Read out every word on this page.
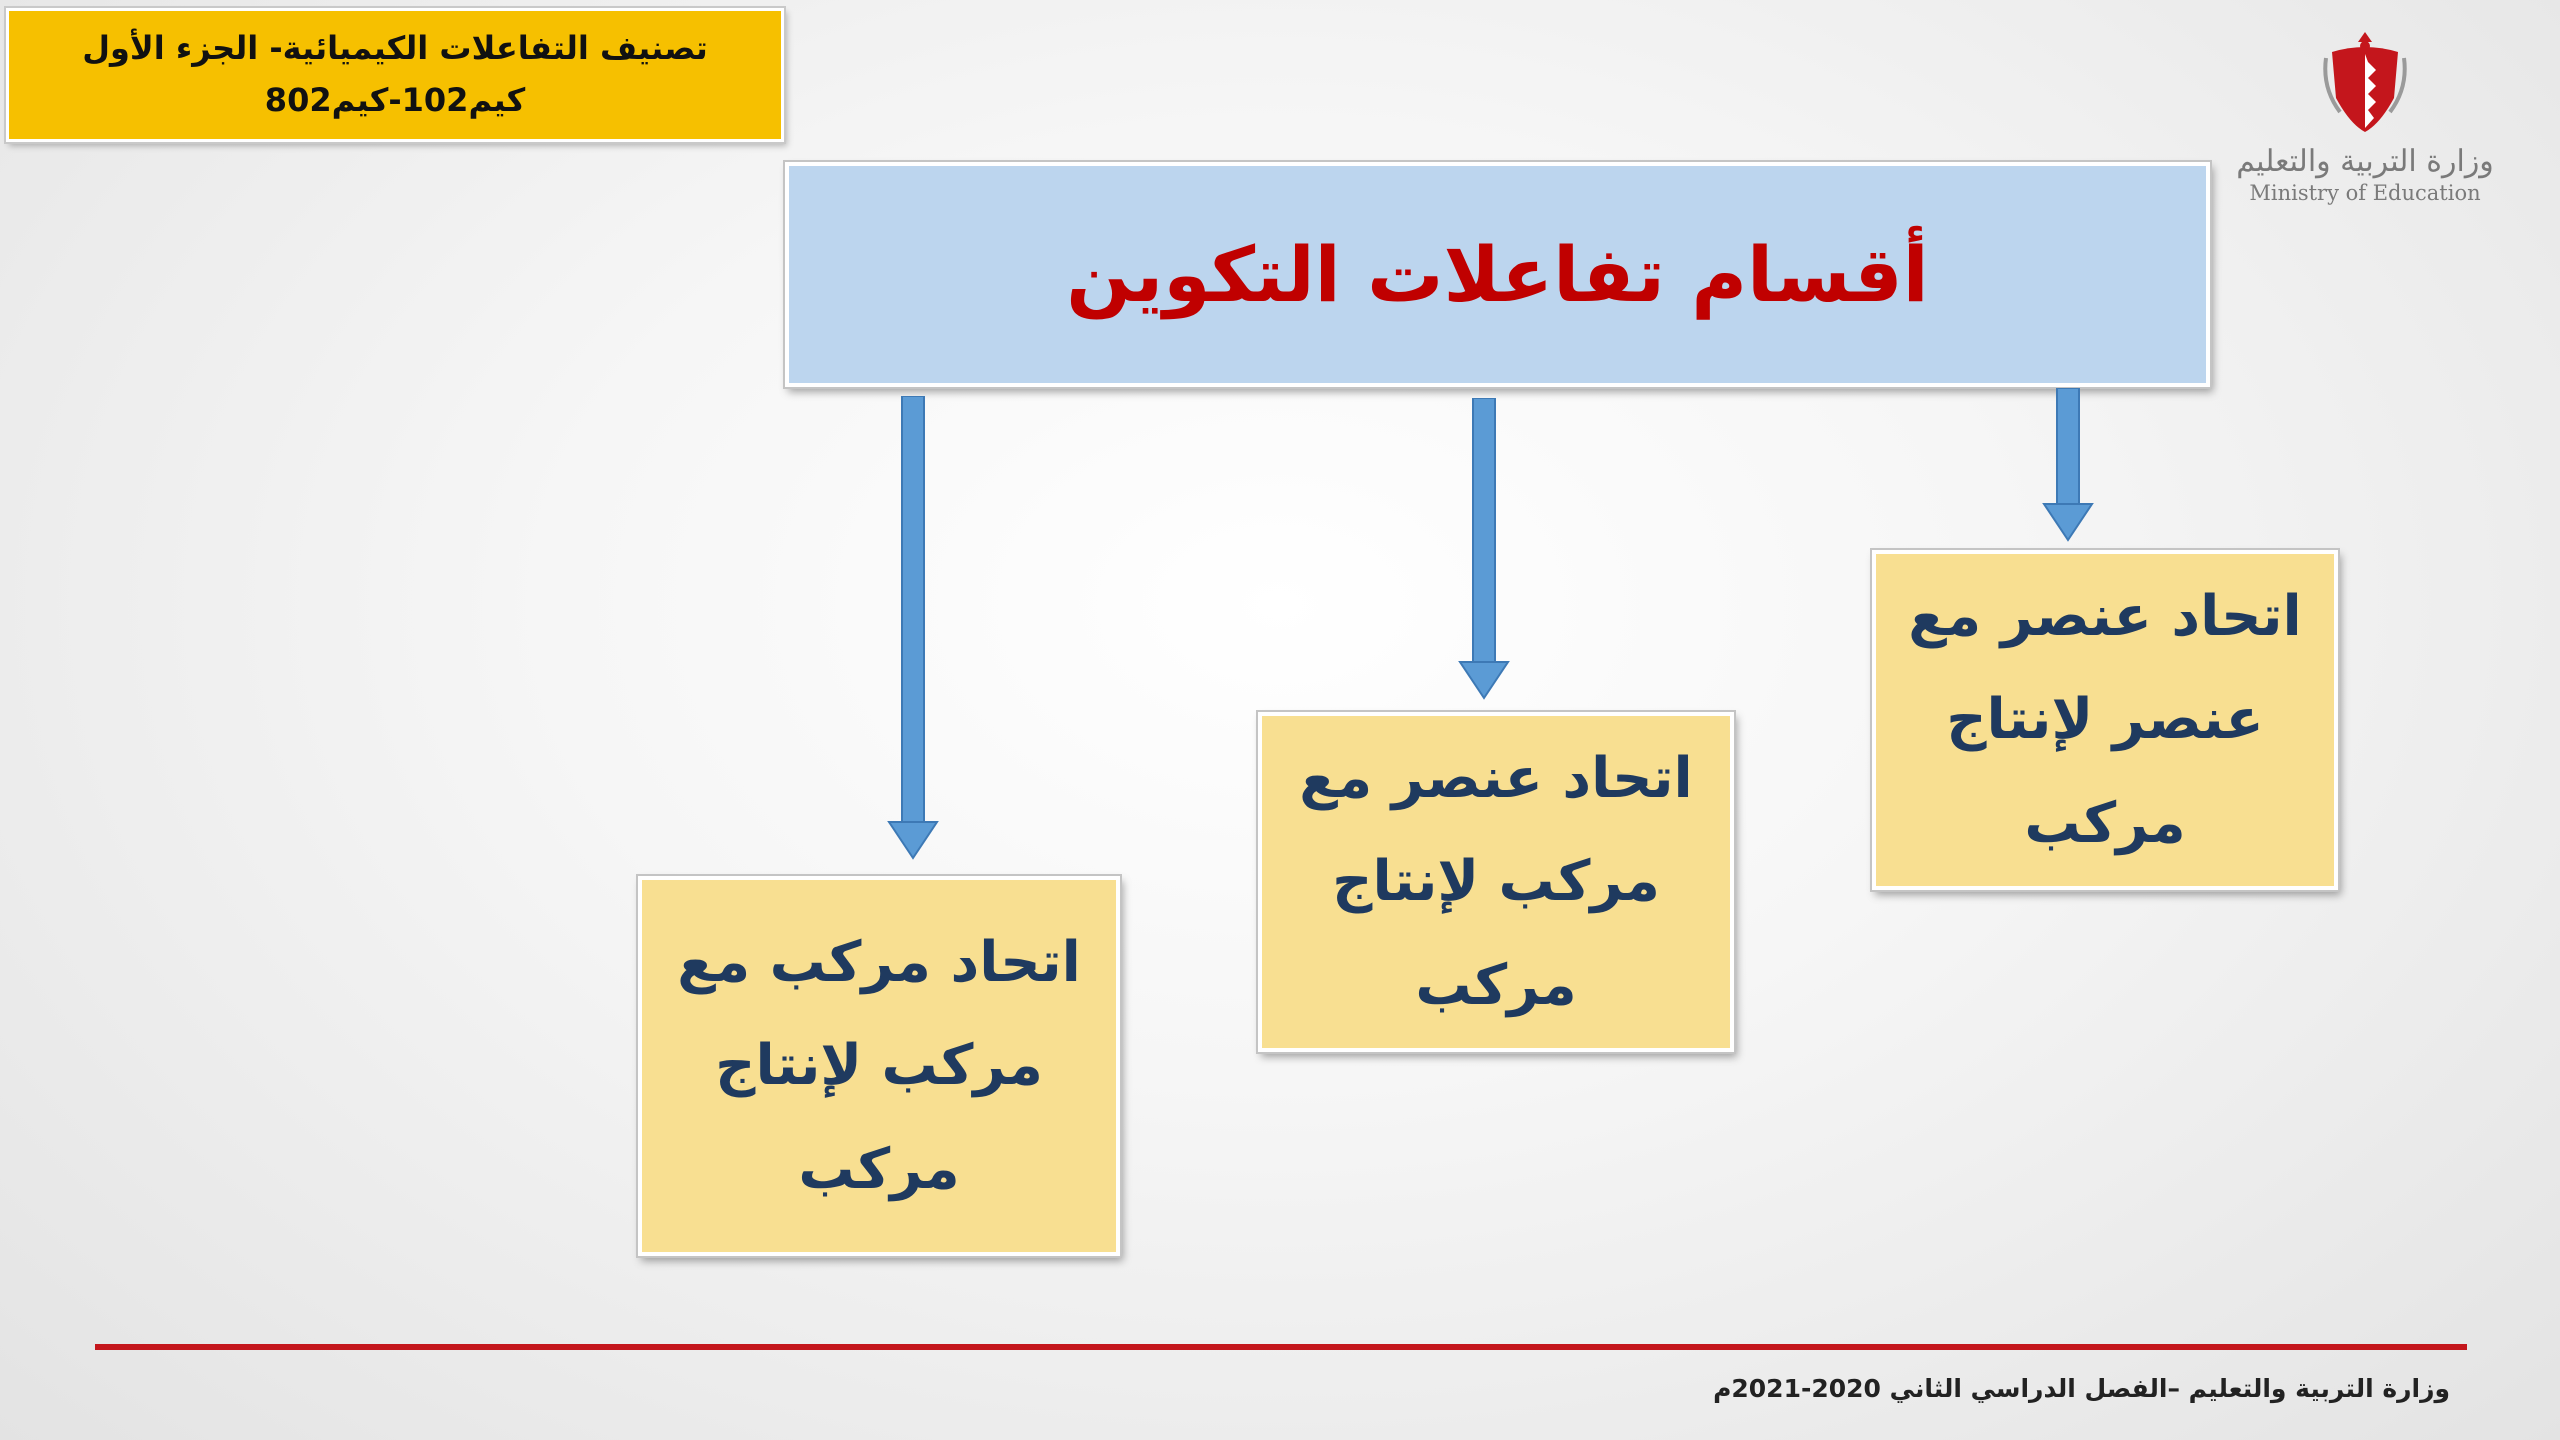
تصنيف التفاعلات الكيميائية- الجزء الأول
كيم102-كيم802
وزارة التربية والتعليم
Ministry of Education
أقسام تفاعلات التكوين
اتحاد عنصر مع
عنصر لإنتاج
مركب
اتحاد عنصر مع
مركب لإنتاج
مركب
اتحاد مركب مع
مركب لإنتاج
مركب
وزارة التربية والتعليم –الفصل الدراسي الثاني 2020-2021م
